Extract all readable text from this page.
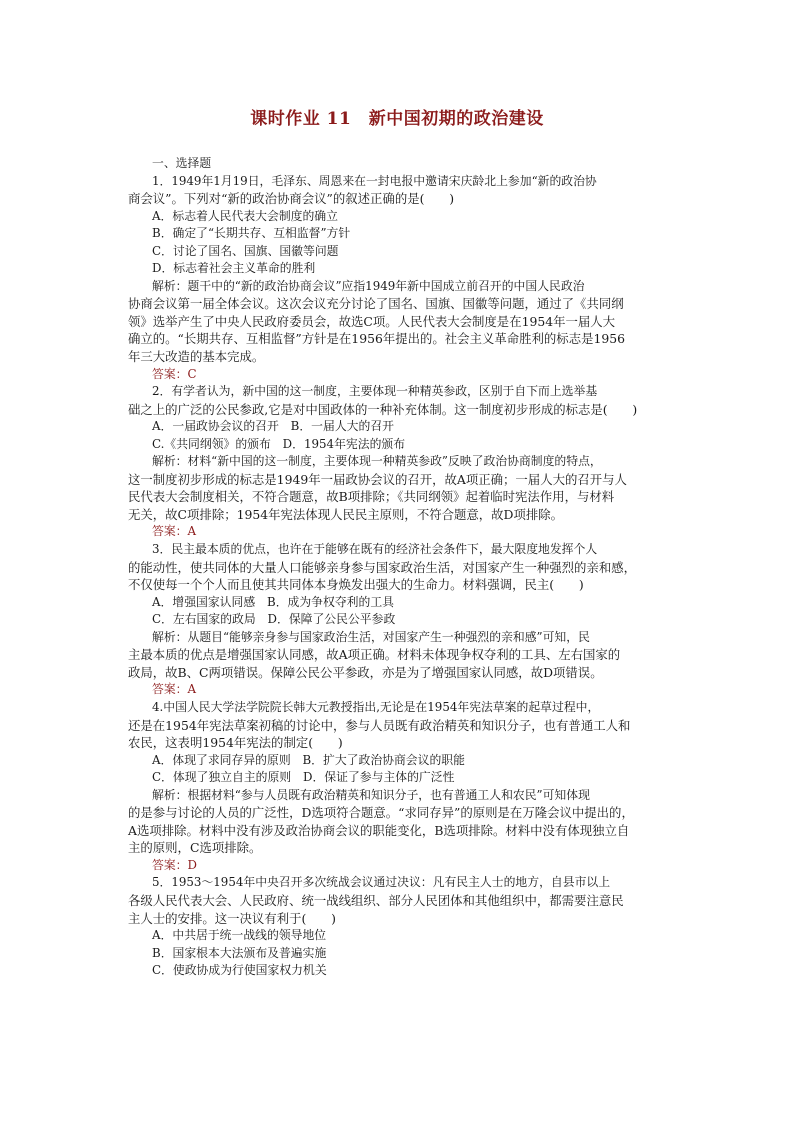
课时作业 11　新中国初期的政治建设
一、选择题
1．1949年1月19日，毛泽东、周恩来在一封电报中邀请宋庆龄北上参加“新的政治协
商会议”。下列对“新的政治协商会议”的叙述正确的是(　　)
A．标志着人民代表大会制度的确立
B．确定了“长期共存、互相监督”方针
C．讨论了国名、国旗、国徽等问题
D．标志着社会主义革命的胜利
解析：题干中的“新的政治协商会议”应指1949年新中国成立前召开的中国人民政治
协商会议第一届全体会议。这次会议充分讨论了国名、国旗、国徽等问题，通过了《共同纲
领》选举产生了中央人民政府委员会，故选C项。人民代表大会制度是在1954年一届人大
确立的。“长期共存、互相监督”方针是在1956年提出的。社会主义革命胜利的标志是1956
年三大改造的基本完成。
答案：C
2．有学者认为，新中国的这一制度，主要体现一种精英参政，区别于自下而上选举基
础之上的广泛的公民参政,它是对中国政体的一种补充体制。这一制度初步形成的标志是(　　)
A．一届政协会议的召开　B．一届人大的召开
C.《共同纲领》的颁布　D．1954年宪法的颁布
解析：材料“新中国的这一制度，主要体现一种精英参政”反映了政治协商制度的特点，
这一制度初步形成的标志是1949年一届政协会议的召开，故A项正确；一届人大的召开与人
民代表大会制度相关，不符合题意，故B项排除；《共同纲领》起着临时宪法作用，与材料
无关，故C项排除；1954年宪法体现人民民主原则，不符合题意，故D项排除。
答案：A
3．民主最本质的优点，也许在于能够在既有的经济社会条件下，最大限度地发挥个人
的能动性，使共同体的大量人口能够亲身参与国家政治生活，对国家产生一种强烈的亲和感，
不仅使每一个个人而且使其共同体本身焕发出强大的生命力。材料强调，民主(　　)
A．增强国家认同感　B．成为争权夺利的工具
C．左右国家的政局　D．保障了公民公平参政
解析：从题目“能够亲身参与国家政治生活，对国家产生一种强烈的亲和感”可知，民
主最本质的优点是增强国家认同感，故A项正确。材料未体现争权夺利的工具、左右国家的
政局，故B、C两项错误。保障公民公平参政，亦是为了增强国家认同感，故D项错误。
答案：A
4.中国人民大学法学院院长韩大元教授指出,无论是在1954年宪法草案的起草过程中，
还是在1954年宪法草案初稿的讨论中，参与人员既有政治精英和知识分子，也有普通工人和
农民，这表明1954年宪法的制定(　　)
A．体现了求同存异的原则　B．扩大了政治协商会议的职能
C．体现了独立自主的原则　D．保证了参与主体的广泛性
解析：根据材料“参与人员既有政治精英和知识分子，也有普通工人和农民”可知体现
的是参与讨论的人员的广泛性，D选项符合题意。“求同存异”的原则是在万隆会议中提出的，
A选项排除。材料中没有涉及政治协商会议的职能变化，B选项排除。材料中没有体现独立自
主的原则，C选项排除。
答案：D
5．1953～1954年中央召开多次统战会议通过决议：凡有民主人士的地方，自县市以上
各级人民代表大会、人民政府、统一战线组织、部分人民团体和其他组织中，都需要注意民
主人士的安排。这一决议有利于(　　)
A．中共居于统一战线的领导地位
B．国家根本大法颁布及普遍实施
C．使政协成为行使国家权力机关
